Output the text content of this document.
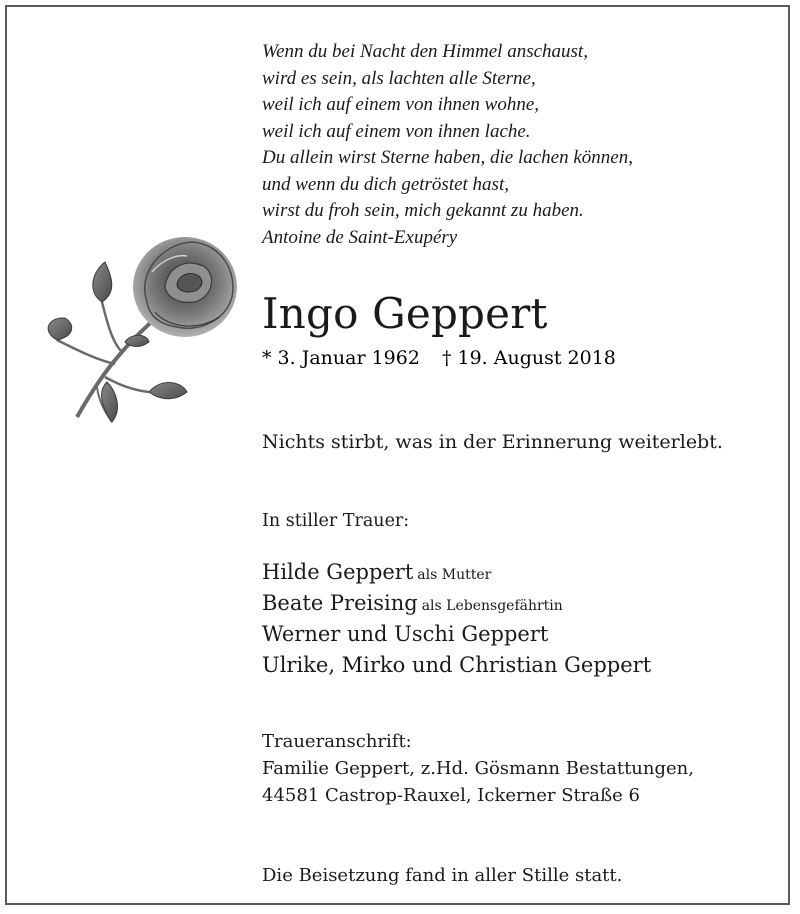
Wenn du bei Nacht den Himmel anschaust,
wird es sein, als lachten alle Sterne,
weil ich auf einem von ihnen wohne,
weil ich auf einem von ihnen lache.
Du allein wirst Sterne haben, die lachen können,
und wenn du dich getröstet hast,
wirst du froh sein, mich gekannt zu haben.
Antoine de Saint-Exupéry
Ingo Geppert
* 3. Januar 1962 † 19. August 2018
Nichts stirbt, was in der Erinnerung weiterlebt.
In stiller Trauer:
Hilde Geppert als Mutter
Beate Preising als Lebensgefährtin
Werner und Uschi Geppert
Ulrike, Mirko und Christian Geppert
Traueranschrift:
Familie Geppert, z.Hd. Gösmann Bestattungen,
44581 Castrop-Rauxel, Ickerner Straße 6
Die Beisetzung fand in aller Stille statt.
